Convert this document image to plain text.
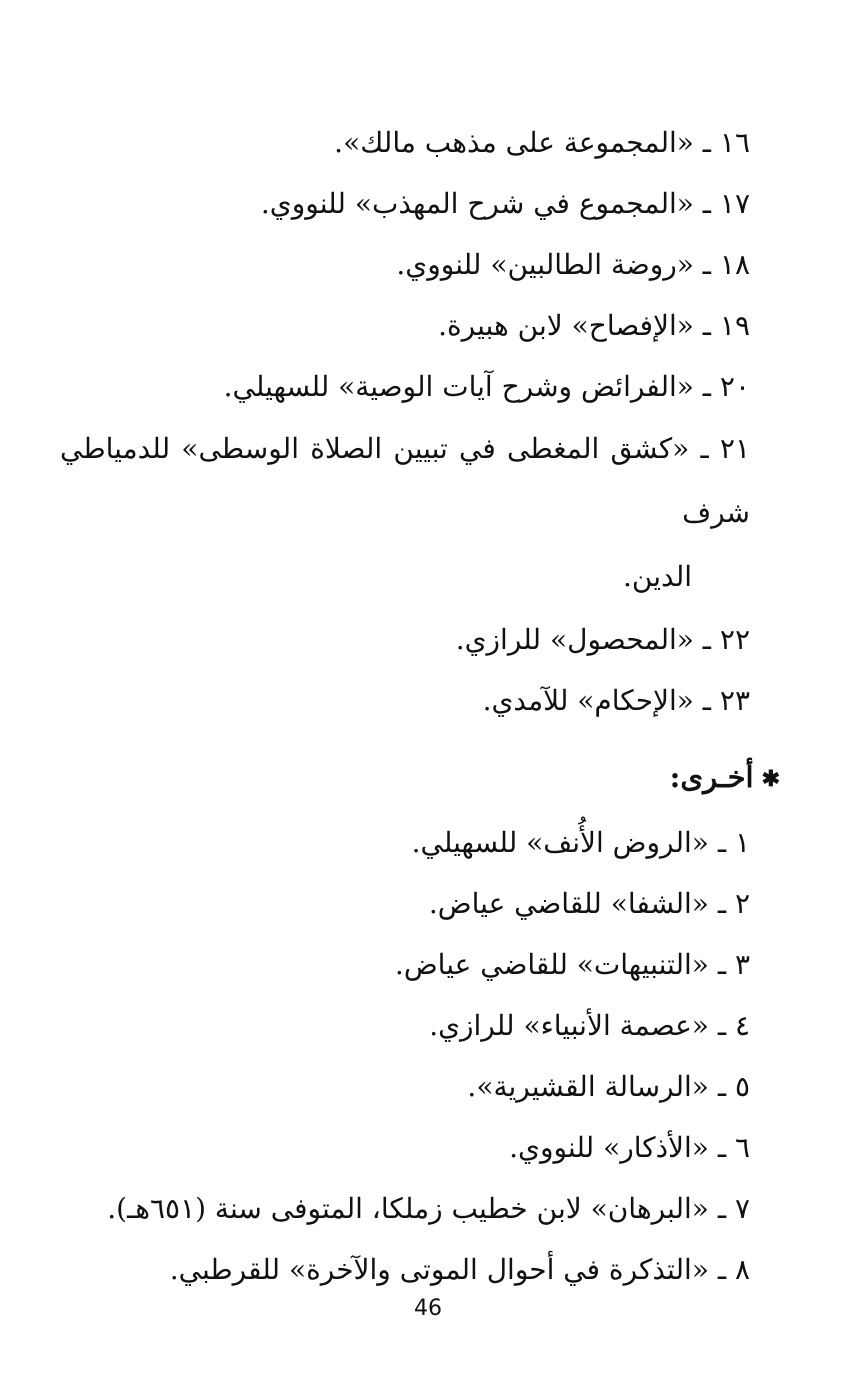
١٦ ـ «المجموعة على مذهب مالك».

١٧ ـ «المجموع في شرح المهذب» للنووي.

١٨ ـ «روضة الطالبين» للنووي.

١٩ ـ «الإفصاح» لابن هبيرة.

٢٠ ـ «الفرائض وشرح آيات الوصية» للسهيلي.

٢١ ـ «كشق المغطى في تبيين الصلاة الوسطى» للدمياطي شرف
الدين.

٢٢ ـ «المحصول» للرازي.

٢٣ ـ «الإحكام» للآمدي.

✱أخـرى:

١ ـ «الروض الأُنف» للسهيلي.

٢ ـ «الشفا» للقاضي عياض.

٣ ـ «التنبيهات» للقاضي عياض.

٤ ـ «عصمة الأنبياء» للرازي.

٥ ـ «الرسالة القشيرية».

٦ ـ «الأذكار» للنووي.

٧ ـ «البرهان» لابن خطيب زملكا، المتوفى سنة (٦٥١هـ).

٨ ـ «التذكرة في أحوال الموتى والآخرة» للقرطبي.

46
